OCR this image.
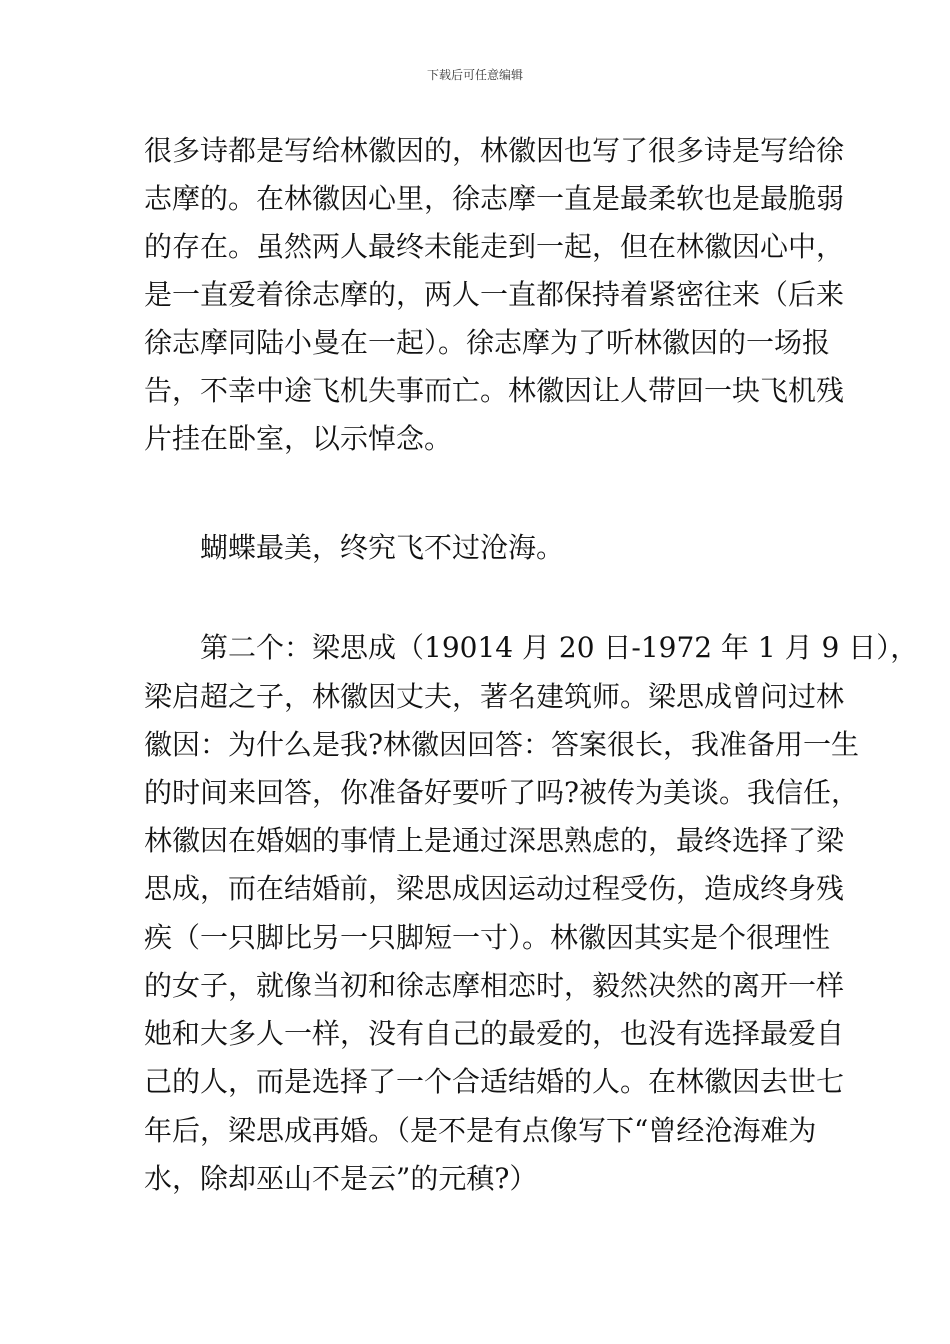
下载后可任意编辑
很多诗都是写给林徽因的，林徽因也写了很多诗是写给徐
志摩的。在林徽因心里，徐志摩一直是最柔软也是最脆弱
的存在。虽然两人最终未能走到一起，但在林徽因心中，
是一直爱着徐志摩的，两人一直都保持着紧密往来（后来
徐志摩同陆小曼在一起）。徐志摩为了听林徽因的一场报
告，不幸中途飞机失事而亡。林徽因让人带回一块飞机残
片挂在卧室，以示悼念。
蝴蝶最美，终究飞不过沧海。
第二个：梁思成（19014 月 20 日-1972 年 1 月 9 日），
梁启超之子，林徽因丈夫，著名建筑师。梁思成曾问过林
徽因：为什么是我?林徽因回答：答案很长，我准备用一生
的时间来回答，你准备好要听了吗?被传为美谈。我信任，
林徽因在婚姻的事情上是通过深思熟虑的，最终选择了梁
思成，而在结婚前，梁思成因运动过程受伤，造成终身残
疾（一只脚比另一只脚短一寸）。林徽因其实是个很理性
的女子，就像当初和徐志摩相恋时，毅然决然的离开一样
她和大多人一样，没有自己的最爱的，也没有选择最爱自
己的人，而是选择了一个合适结婚的人。在林徽因去世七
年后，梁思成再婚。（是不是有点像写下“曾经沧海难为
水，除却巫山不是云”的元稹?）
